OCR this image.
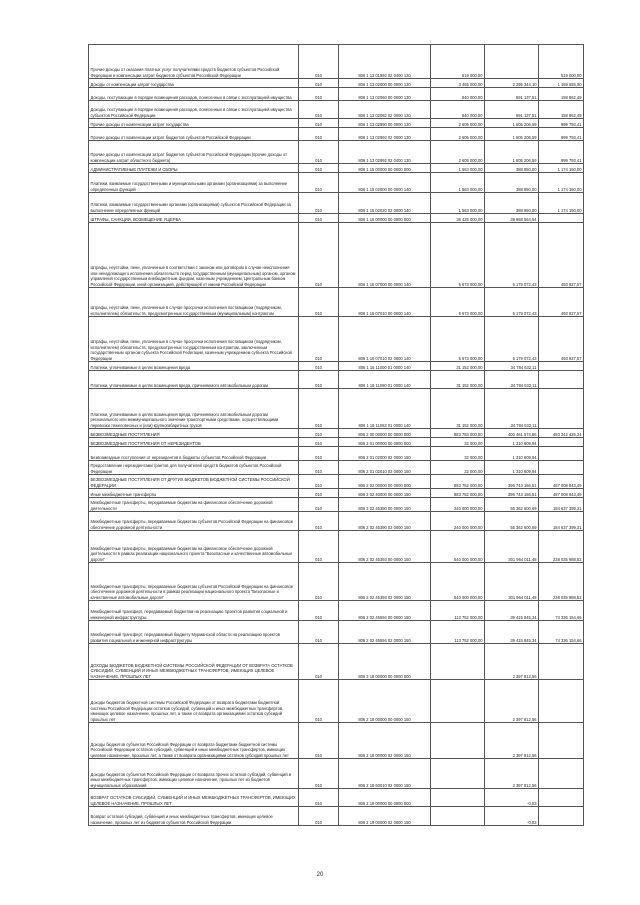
Прочие доходы от оказания платных услуг получателями средств бюджетов субъектов Российской Федерации и компенсации затрат бюджетов субъектов Российской Федерации	010	806 1 13 01992 02 0400 130	519 000,00		519 000,00
Доходы от компенсации затрат государства	010	806 1 13 02000 00 0000 130	3 465 000,00	2 295 344,10	1 169 655,90
Доходы, поступающие в порядке возмещения расходов, понесенных в связи с эксплуатацией имущества	010	806 1 13 02060 00 0000 130	840 000,00	691 137,51	158 862,49
Доходы, поступающие в порядке возмещения расходов, понесенных в связи с эксплуатацией имущества субъектов Российской Федерации	010	806 1 13 02062 02 0000 130	840 000,00	691 137,51	158 862,49
Прочие доходы от компенсации затрат государства	010	806 1 13 02990 00 0000 130	2 605 000,00	1 605 206,59	999 793,41
Прочие доходы от компенсации затрат бюджетов субъектов Российской Федерации	010	806 1 13 02992 02 0000 130	2 605 000,00	1 605 206,59	999 793,41
Прочие доходы от компенсации затрат бюджетов субъектов Российской Федерации (прочие доходы от компенсации затрат областного бюджета)	010	806 1 13 02992 02 0400 130	2 605 000,00	1 605 206,59	999 793,41
АДМИНИСТРАТИВНЫЕ ПЛАТЕЖИ И СБОРЫ	010	806 1 15 00000 00 0000 000	1 563 000,00	388 850,00	1 174 150,00
Платежи, взимаемые государственными и муниципальными органами (организациями) за выполнение определенных функций	010	806 1 15 02000 00 0000 140	1 563 000,00	388 850,00	1 174 150,00
Платежи, взимаемые государственными органами (организациями) субъектов Российской Федерации за выполнение определенных функций	010	806 1 15 02020 02 0000 140	1 563 000,00	388 850,00	1 174 150,00
ШТРАФЫ, САНКЦИИ, ВОЗМЕЩЕНИЕ УЩЕРБА	010	806 1 16 00000 00 0000 000	36 425 000,00	39 958 564,54	
Штрафы, неустойки, пени, уплаченные в соответствии с законом или договором в случае неисполнения или ненадлежащего исполнения обязательств перед государственным (муниципальным) органом, органом управления государственным внебюджетным фондом, казенным учреждением, Центральным банком Российской Федерации, иной организацией, действующей от имени Российской Федерации	010	806 1 16 07000 00 0000 140	5 673 000,00	5 179 072,43	493 927,57
Штрафы, неустойки, пени, уплаченные в случае просрочки исполнения поставщиком (подрядчиком, исполнителем) обязательств, предусмотренных государственным (муниципальным) контрактом	010	806 1 16 07010 00 0000 140	5 673 000,00	5 179 072,43	493 927,57
Штрафы, неустойки, пени, уплаченные в случае просрочки исполнения поставщиком (подрядчиком, исполнителем) обязательств, предусмотренных государственным контрактом, заключенным государственным органом субъекта Российской Federации, казенным учреждением субъекта Российской Федерации	010	806 1 16 07010 02 0000 140	5 673 000,00	5 179 072,43	493 927,57
Платежи, уплачиваемые в целях возмещения вреда	010	806 1 16 11000 01 0000 140	31 152 000,00	34 784 632,11	
Платежи, уплачиваемые в целях возмещения вреда, причиняемого автомобильным дорогам	010	806 1 16 11060 01 0000 140	31 152 000,00	34 784 632,11	
Платежи, уплачиваемые в целях возмещения вреда, причиняемого автомобильным дорогам регионального или межмуниципального значения транспортными средствами, осуществляющими перевозки тяжеловесных и (или) крупногабаритных грузов	010	806 1 16 11063 01 0000 140	31 152 000,00	34 784 632,11	
БЕЗВОЗМЕЗДНЫЕ ПОСТУПЛЕНИЯ	010	806 2 00 00000 00 0000 000	883 784 000,00	400 461 574,66	483 342 425,34
БЕЗВОЗМЕЗДНЫЕ ПОСТУПЛЕНИЯ ОТ НЕРЕЗИДЕНТОВ	010	806 2 01 00000 00 0000 000	32 000,00	1 310 609,94	
Безвозмездные поступления от нерезидентов в бюджеты субъектов Российской Федерации	010	806 2 01 02000 02 0000 150	32 000,00	1 310 609,94	
Предоставление нерезидентами грантов для получателей средств бюджетов субъектов Российской Федерации	010	806 2 01 02010 02 0000 150	32 000,00	1 310 609,94	
БЕЗВОЗМЕЗДНЫЕ ПОСТУПЛЕНИЯ ОТ ДРУГИХ БЮДЖЕТОВ БЮДЖЕТНОЙ СИСТЕМЫ РОССИЙСКОЙ ФЕДЕРАЦИИ	010	806 2 02 00000 00 0000 000	883 752 000,00	396 743 156,51	487 008 843,49
Иные межбюджетные трансферты	010	806 2 02 40000 00 0000 150	883 752 000,00	396 743 156,51	487 008 843,49
Межбюджетные трансферты, передаваемые бюджетам на финансовое обеспечение дорожной деятельности	010	806 2 02 45390 00 0000 150	240 000 000,00	55 362 600,69	184 637 399,31
Межбюджетные трансферты, передаваемые бюджетам субъектов Российской Федерации на финансовое обеспечение дорожной деятельности	010	806 2 02 45390 02 0000 150	240 000 000,00	55 362 600,69	184 637 399,31
Межбюджетные трансферты, передаваемые бюджетам на финансовое обеспечение дорожной деятельности в рамках реализации национального проекта "Безопасные и качественные автомобильные дороги"	010	806 2 02 45393 00 0000 150	540 000 000,00	301 964 011,48	238 035 988,52
Межбюджетные трансферты, передаваемые бюджетам субъектов Российской Федерации на финансовое обеспечение дорожной деятельности в рамках реализации национального проекта "Безопасные и качественные автомобильные дороги"	010	806 2 02 45393 02 0000 150	540 000 000,00	301 964 011,48	238 035 988,52
Межбюджетный трансферт, передаваемый бюджетам на реализацию проектов развития социальной и инженерной инфраструктуры	010	806 2 02 45594 00 0000 150	113 752 000,00	39 415 845,34	74 336 154,66
Межбюджетный трансферт, передаваемый бюджету Мурманской области на реализацию проектов развития социальной и инженерной инфраструктуры	010	806 2 02 45594 02 0000 150	113 752 000,00	39 415 845,34	74 336 154,66
ДОХОДЫ БЮДЖЕТОВ БЮДЖЕТНОЙ СИСТЕМЫ РОССИЙСКОЙ ФЕДЕРАЦИИ ОТ ВОЗВРАТА ОСТАТКОВ СУБСИДИЙ, СУБВЕНЦИЙ И ИНЫХ МЕЖБЮДЖЕТНЫХ ТРАНСФЕРТОВ, ИМЕЮЩИХ ЦЕЛЕВОЕ НАЗНАЧЕНИЕ, ПРОШЛЫХ ЛЕТ	010	806 2 18 00000 00 0000 000		2 397 812,56	
Доходы бюджетов бюджетной системы Российской Федерации от возврата бюджетами бюджетной системы Российской Федерации остатков субсидий, субвенций и иных межбюджетных трансфертов, имеющих целевое назначение, прошлых лет, а также от возврата организациями остатков субсидий прошлых лет	010	806 2 18 00000 00 0000 150		2 397 812,56	
Доходы бюджетов субъектов Российской Федерации от возврата бюджетами бюджетной системы Российской Федерации остатков субсидий, субвенций и иных межбюджетных трансфертов, имеющих целевое назначение, прошлых лет, а также от возврата организациями остатков субсидий прошлых лет	010	806 2 18 00000 02 0000 150		2 397 812,56	
Доходы бюджетов субъектов Российской Федерации от возврата прочих остатков субсидий, субвенций и иных межбюджетных трансфертов, имеющих целевое назначение, прошлых лет из бюджетов муниципальных образований	010	806 2 18 60010 02 0000 150		2 397 812,56	
ВОЗВРАТ ОСТАТКОВ СУБСИДИЙ, СУБВЕНЦИЙ И ИНЫХ МЕЖБЮДЖЕТНЫХ ТРАНСФЕРТОВ, ИМЕЮЩИХ ЦЕЛЕВОЕ НАЗНАЧЕНИЕ, ПРОШЛЫХ ЛЕТ	010	806 2 19 00000 00 0000 000		-0,03	
Возврат остатков субсидий, субвенций и иных межбюджетных трансфертов, имеющих целевое назначение, прошлых лет из бюджетов субъектов Российской Федерации	010	806 2 19 00000 02 0000 150		-0,03	
20
